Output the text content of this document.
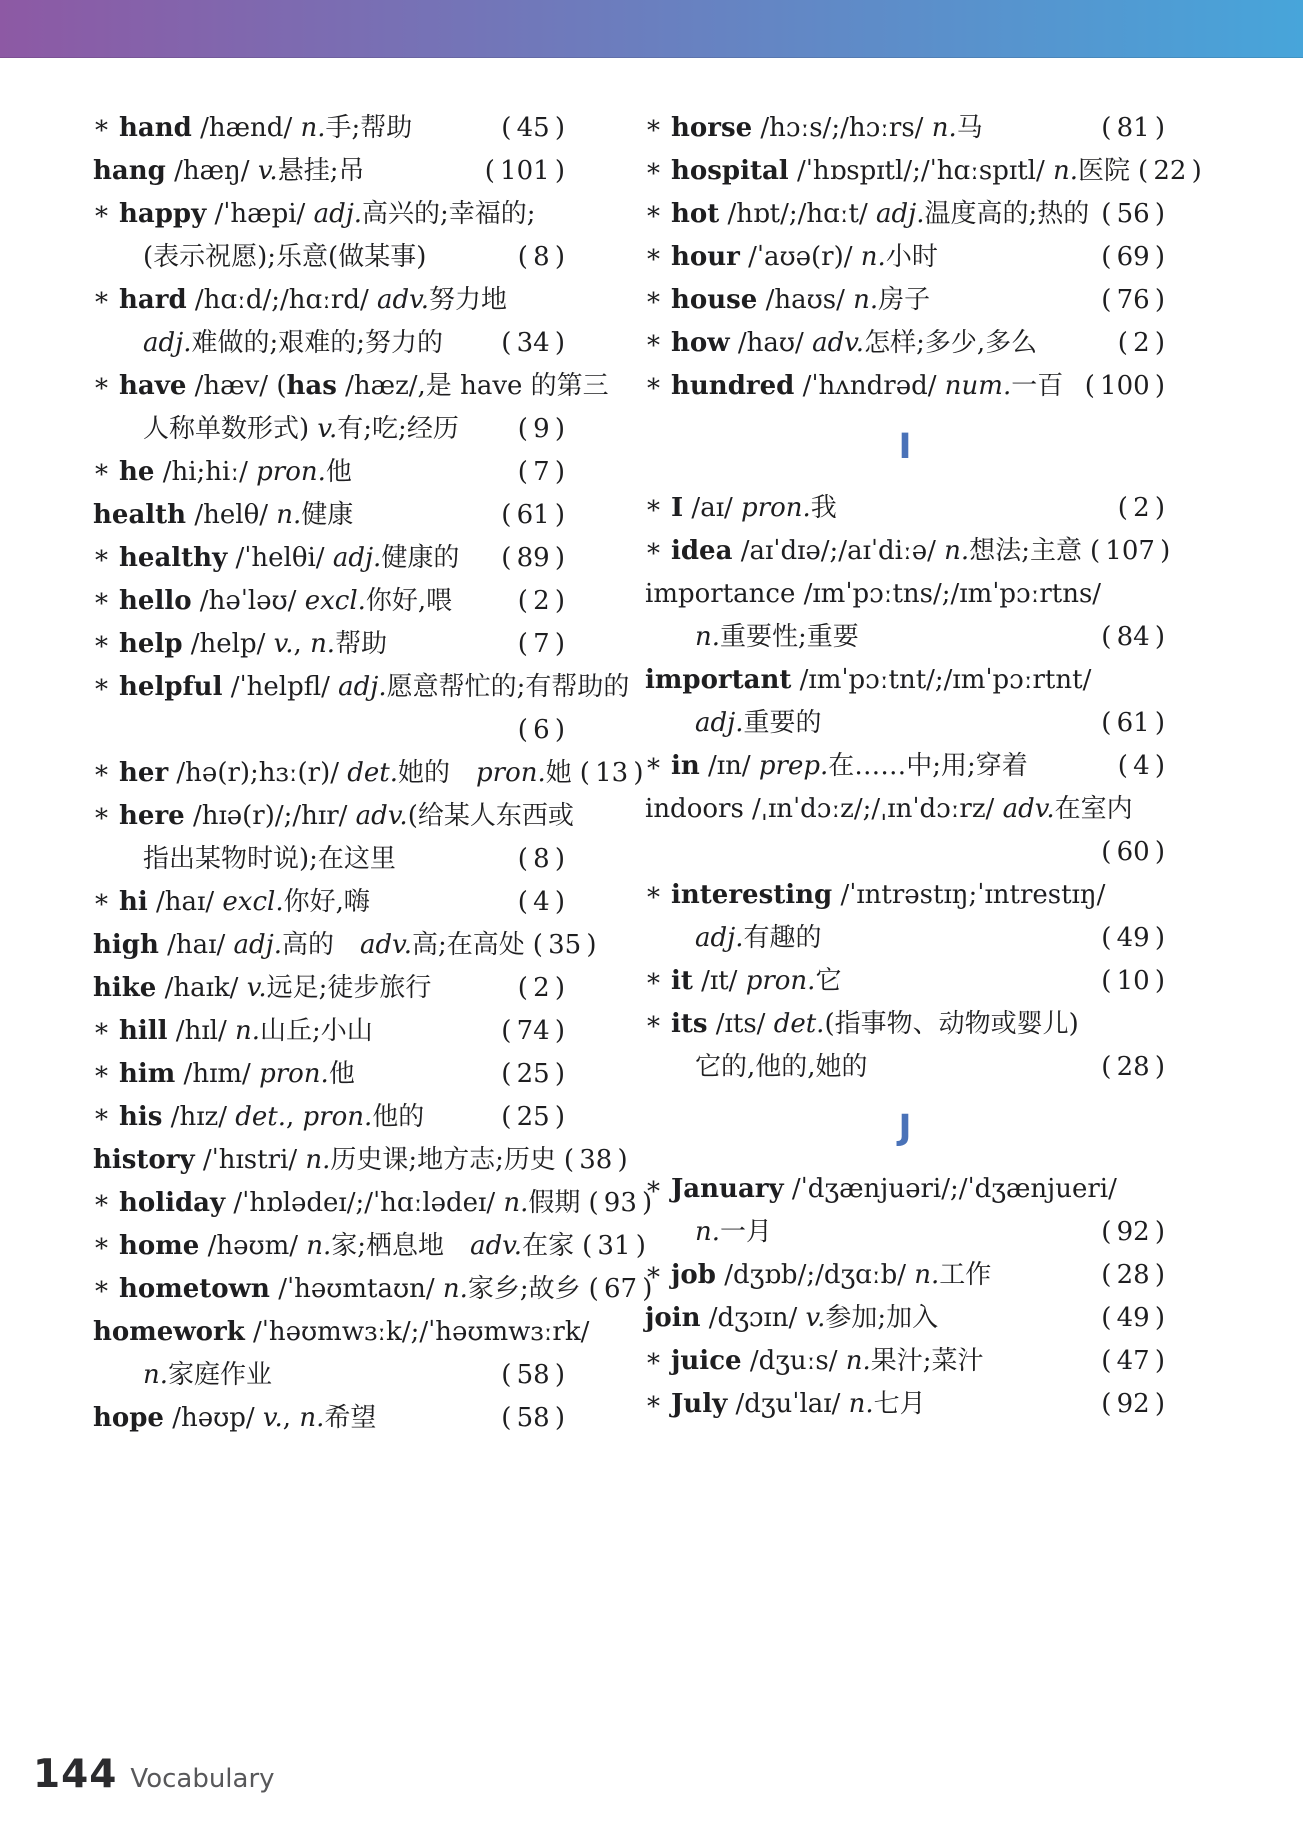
* hand /hænd/ n.手;帮助	( 45 )
hang /hæŋ/ v.悬挂;吊	( 101 )
* happy /ˈhæpi/ adj.高兴的;幸福的;
(表示祝愿);乐意(做某事)	( 8 )
* hard /hɑːd/;/hɑːrd/ adv.努力地
adj.难做的;艰难的;努力的	( 34 )
* have /hæv/ (has /hæz/,是 have 的第三
人称单数形式) v.有;吃;经历	( 9 )
* he /hi;hiː/ pron.他	( 7 )
health /helθ/ n.健康	( 61 )
* healthy /ˈhelθi/ adj.健康的	( 89 )
* hello /həˈləʊ/ excl.你好,喂	( 2 )
* help /help/ v., n.帮助	( 7 )
* helpful /ˈhelpfl/ adj.愿意帮忙的;有帮助的
( 6 )
* her /hə(r);hɜː(r)/ det.她的 pron.她 ( 13 )
* here /hɪə(r)/;/hɪr/ adv.(给某人东西或
指出某物时说);在这里	( 8 )
* hi /haɪ/ excl.你好,嗨	( 4 )
high /haɪ/ adj.高的 adv.高;在高处 ( 35 )
hike /haɪk/ v.远足;徒步旅行	( 2 )
* hill /hɪl/ n.山丘;小山	( 74 )
* him /hɪm/ pron.他	( 25 )
* his /hɪz/ det., pron.他的	( 25 )
history /ˈhɪstri/ n.历史课;地方志;历史 ( 38 )
* holiday /ˈhɒlədeɪ/;/ˈhɑːlədeɪ/ n.假期 ( 93 )
* home /həʊm/ n.家;栖息地 adv.在家 ( 31 )
* hometown /ˈhəʊmtaʊn/ n.家乡;故乡 ( 67 )
homework /ˈhəʊmwɜːk/;/ˈhəʊmwɜːrk/
n.家庭作业	( 58 )
hope /həʊp/ v., n.希望	( 58 )
* horse /hɔːs/;/hɔːrs/ n.马	( 81 )
* hospital /ˈhɒspɪtl/;/ˈhɑːspɪtl/ n.医院 ( 22 )
* hot /hɒt/;/hɑːt/ adj.温度高的;热的 ( 56 )
* hour /ˈaʊə(r)/ n.小时	( 69 )
* house /haʊs/ n.房子	( 76 )
* how /haʊ/ adv.怎样;多少,多么	( 2 )
* hundred /ˈhʌndrəd/ num.一百 ( 100 )
I
* I /aɪ/ pron.我	( 2 )
* idea /aɪˈdɪə/;/aɪˈdiːə/ n.想法;主意 ( 107 )
importance /ɪmˈpɔːtns/;/ɪmˈpɔːrtns/
n.重要性;重要	( 84 )
important /ɪmˈpɔːtnt/;/ɪmˈpɔːrtnt/
adj.重要的	( 61 )
* in /ɪn/ prep.在……中;用;穿着	( 4 )
indoors /ˌɪnˈdɔːz/;/ˌɪnˈdɔːrz/ adv.在室内
( 60 )
* interesting /ˈɪntrəstɪŋ;ˈɪntrestɪŋ/
adj.有趣的	( 49 )
* it /ɪt/ pron.它	( 10 )
* its /ɪts/ det.(指事物、动物或婴儿)
它的,他的,她的	( 28 )
J
* January /ˈdʒænjuəri/;/ˈdʒænjueri/
n.一月	( 92 )
* job /dʒɒb/;/dʒɑːb/ n.工作	( 28 )
join /dʒɔɪn/ v.参加;加入	( 49 )
* juice /dʒuːs/ n.果汁;菜汁	( 47 )
* July /dʒuˈlaɪ/ n.七月	( 92 )
144 Vocabulary
